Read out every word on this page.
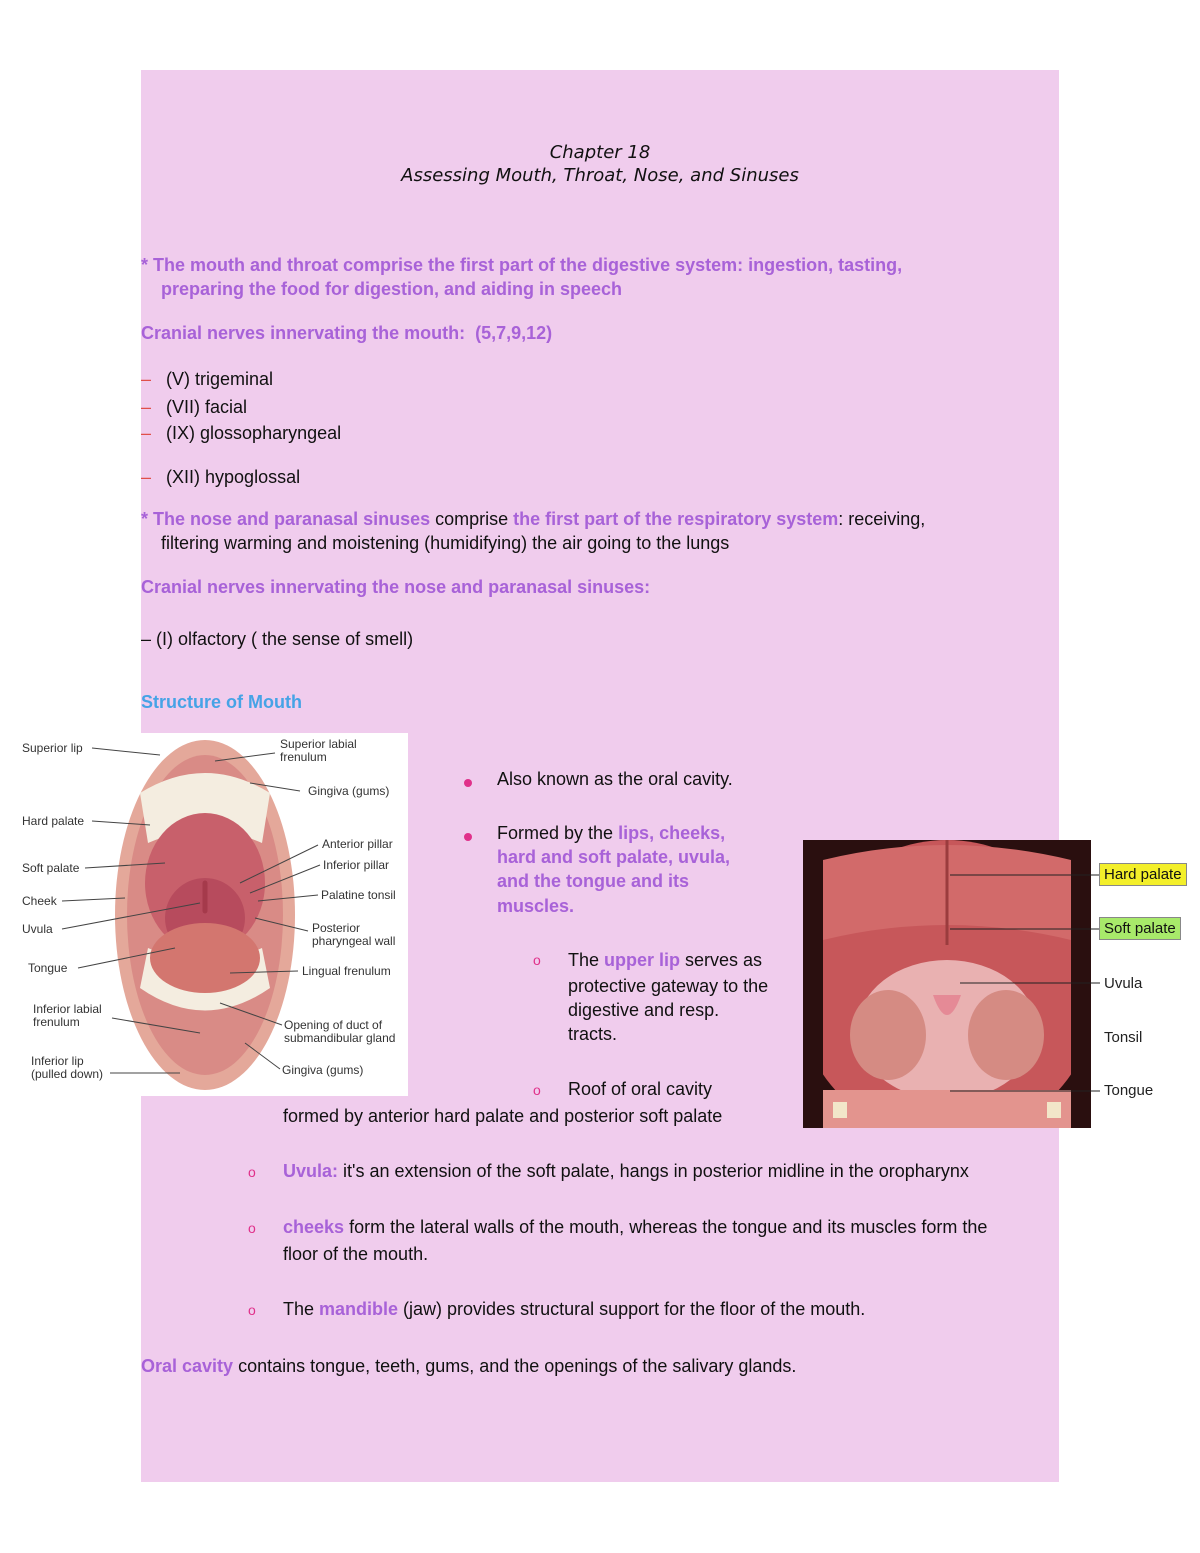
Chapter 18
Assessing Mouth, Throat, Nose, and Sinuses
* The mouth and throat comprise the first part of the digestive system: ingestion, tasting,
preparing the food for digestion, and aiding in speech
Cranial nerves innervating the mouth: (5,7,9,12)
– (V) trigeminal
– (VII) facial
– (IX) glossopharyngeal
– (XII) hypoglossal
* The nose and paranasal sinuses comprise the first part of the respiratory system: receiving,
filtering warming and moistening (humidifying) the air going to the lungs
Cranial nerves innervating the nose and paranasal sinuses:
– (I) olfactory ( the sense of smell)
Structure of Mouth
Superior lip
Hard palate
Soft palate
Cheek
Uvula
Tongue
Inferior labial frenulum
Inferior lip (pulled down)
Superior labial frenulum
Gingiva (gums)
Anterior pillar
Inferior pillar
Palatine tonsil
Posterior pharyngeal wall
Lingual frenulum
Opening of duct of submandibular gland
Gingiva (gums)
Also known as the oral cavity.
Formed by the lips, cheeks,
hard and soft palate, uvula,
and the tongue and its
muscles.
o The upper lip serves as
protective gateway to the
digestive and resp.
tracts.
Hard palate
Soft palate
Uvula
Tonsil
Tongue
o Roof of oral cavity
formed by anterior hard palate and posterior soft palate
o Uvula: it's an extension of the soft palate, hangs in posterior midline in the oropharynx
o cheeks form the lateral walls of the mouth, whereas the tongue and its muscles form the
floor of the mouth.
o The mandible (jaw) provides structural support for the floor of the mouth.
Oral cavity contains tongue, teeth, gums, and the openings of the salivary glands.
